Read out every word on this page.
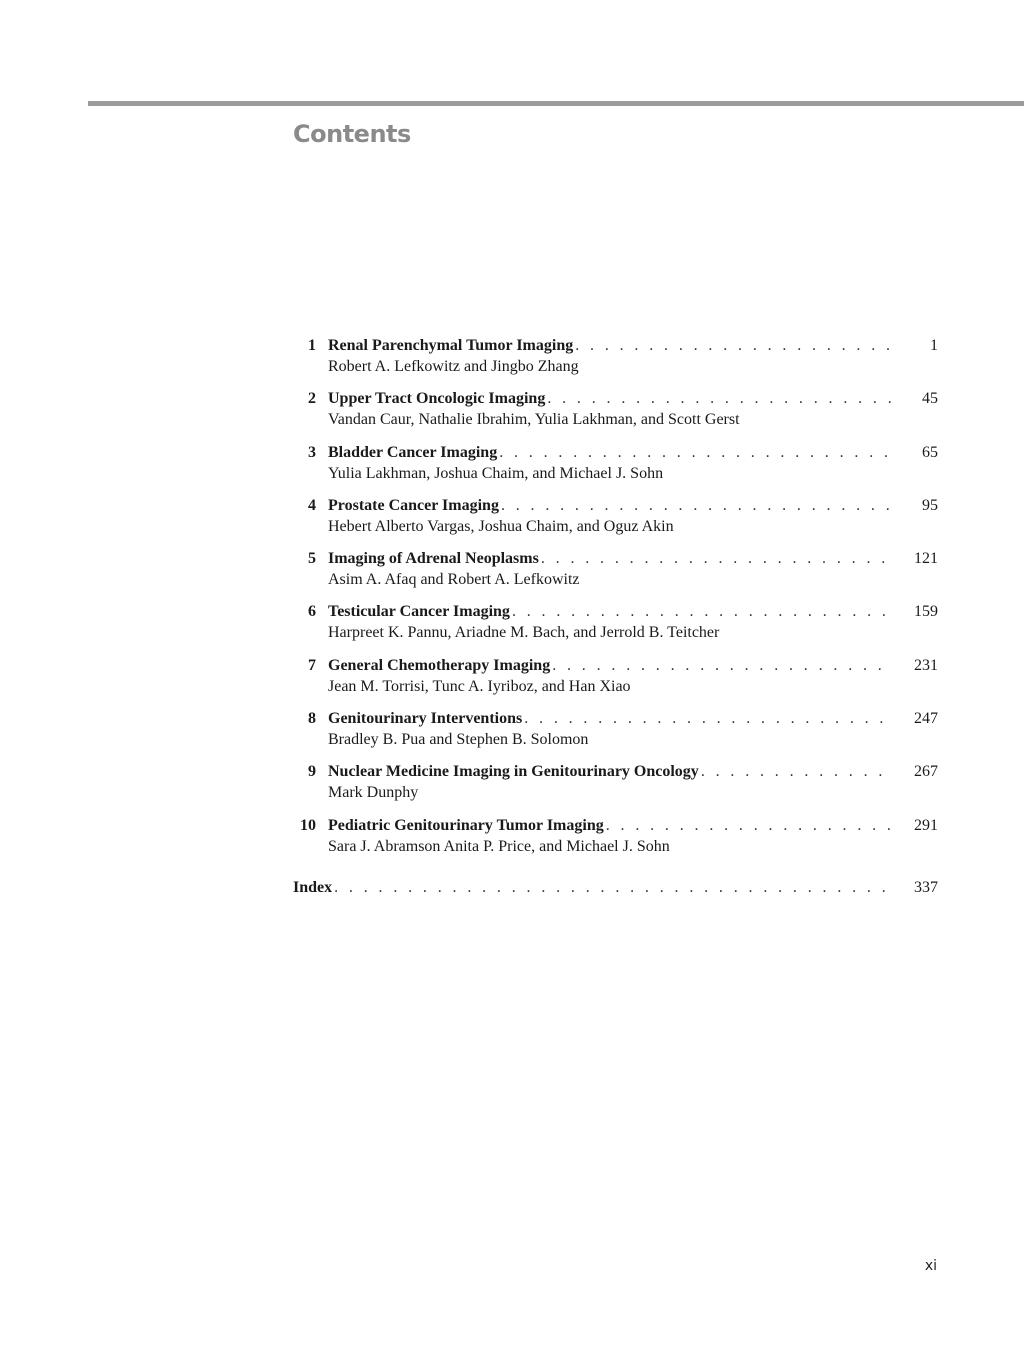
Contents
1 Renal Parenchymal Tumor Imaging . . .	1
Robert A. Lefkowitz and Jingbo Zhang
2 Upper Tract Oncologic Imaging . . .	45
Vandan Caur, Nathalie Ibrahim, Yulia Lakhman, and Scott Gerst
3 Bladder Cancer Imaging . . .	65
Yulia Lakhman, Joshua Chaim, and Michael J. Sohn
4 Prostate Cancer Imaging . . .	95
Hebert Alberto Vargas, Joshua Chaim, and Oguz Akin
5 Imaging of Adrenal Neoplasms . . .	121
Asim A. Afaq and Robert A. Lefkowitz
6 Testicular Cancer Imaging . . .	159
Harpreet K. Pannu, Ariadne M. Bach, and Jerrold B. Teitcher
7 General Chemotherapy Imaging . . .	231
Jean M. Torrisi, Tunc A. Iyriboz, and Han Xiao
8 Genitourinary Interventions . . .	247
Bradley B. Pua and Stephen B. Solomon
9 Nuclear Medicine Imaging in Genitourinary Oncology . . .	267
Mark Dunphy
10 Pediatric Genitourinary Tumor Imaging . . .	291
Sara J. Abramson Anita P. Price, and Michael J. Sohn
Index . . .	337
xi
